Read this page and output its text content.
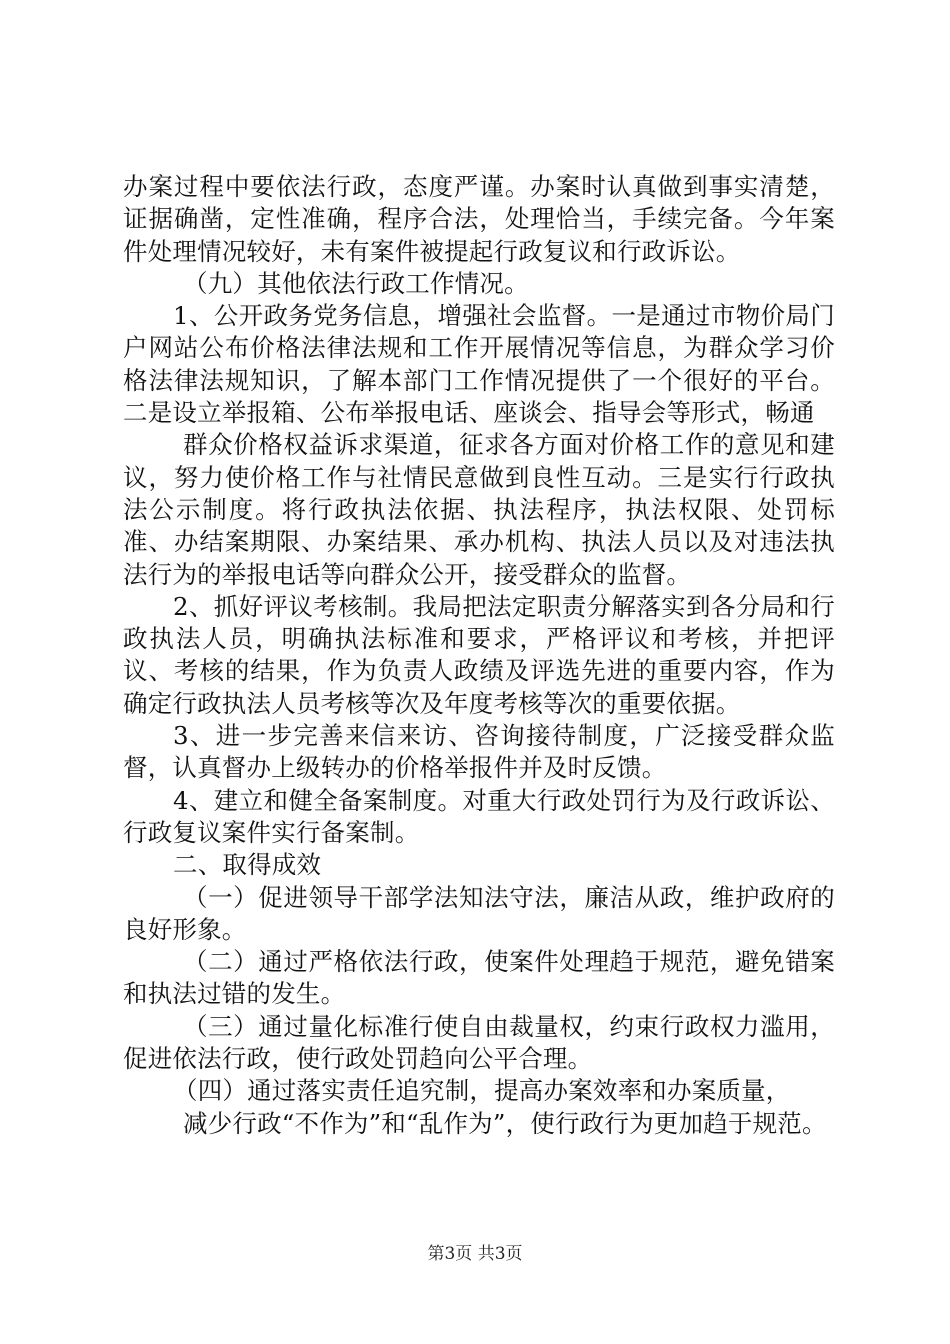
办案过程中要依法行政，态度严谨。办案时认真做到事实清楚，证据确凿，定性准确，程序合法，处理恰当，手续完备。今年案件处理情况较好，未有案件被提起行政复议和行政诉讼。

（九）其他依法行政工作情况。

1、公开政务党务信息，增强社会监督。一是通过市物价局门户网站公布价格法律法规和工作开展情况等信息，为群众学习价格法律法规知识，了解本部门工作情况提供了一个很好的平台。二是设立举报箱、公布举报电话、座谈会、指导会等形式，畅通

群众价格权益诉求渠道，征求各方面对价格工作的意见和建议，努力使价格工作与社情民意做到良性互动。三是实行行政执法公示制度。将行政执法依据、执法程序，执法权限、处罚标准、办结案期限、办案结果、承办机构、执法人员以及对违法执法行为的举报电话等向群众公开，接受群众的监督。

2、抓好评议考核制。我局把法定职责分解落实到各分局和行政执法人员，明确执法标准和要求，严格评议和考核，并把评议、考核的结果，作为负责人政绩及评选先进的重要内容，作为确定行政执法人员考核等次及年度考核等次的重要依据。

3、进一步完善来信来访、咨询接待制度，广泛接受群众监督，认真督办上级转办的价格举报件并及时反馈。

4、建立和健全备案制度。对重大行政处罚行为及行政诉讼、行政复议案件实行备案制。

二、取得成效

（一）促进领导干部学法知法守法，廉洁从政，维护政府的良好形象。

（二）通过严格依法行政，使案件处理趋于规范，避免错案和执法过错的发生。

（三）通过量化标准行使自由裁量权，约束行政权力滥用，促进依法行政，使行政处罚趋向公平合理。

（四）通过落实责任追究制，提高办案效率和办案质量，

减少行政“不作为”和“乱作为”，使行政行为更加趋于规范。

第3页 共3页
